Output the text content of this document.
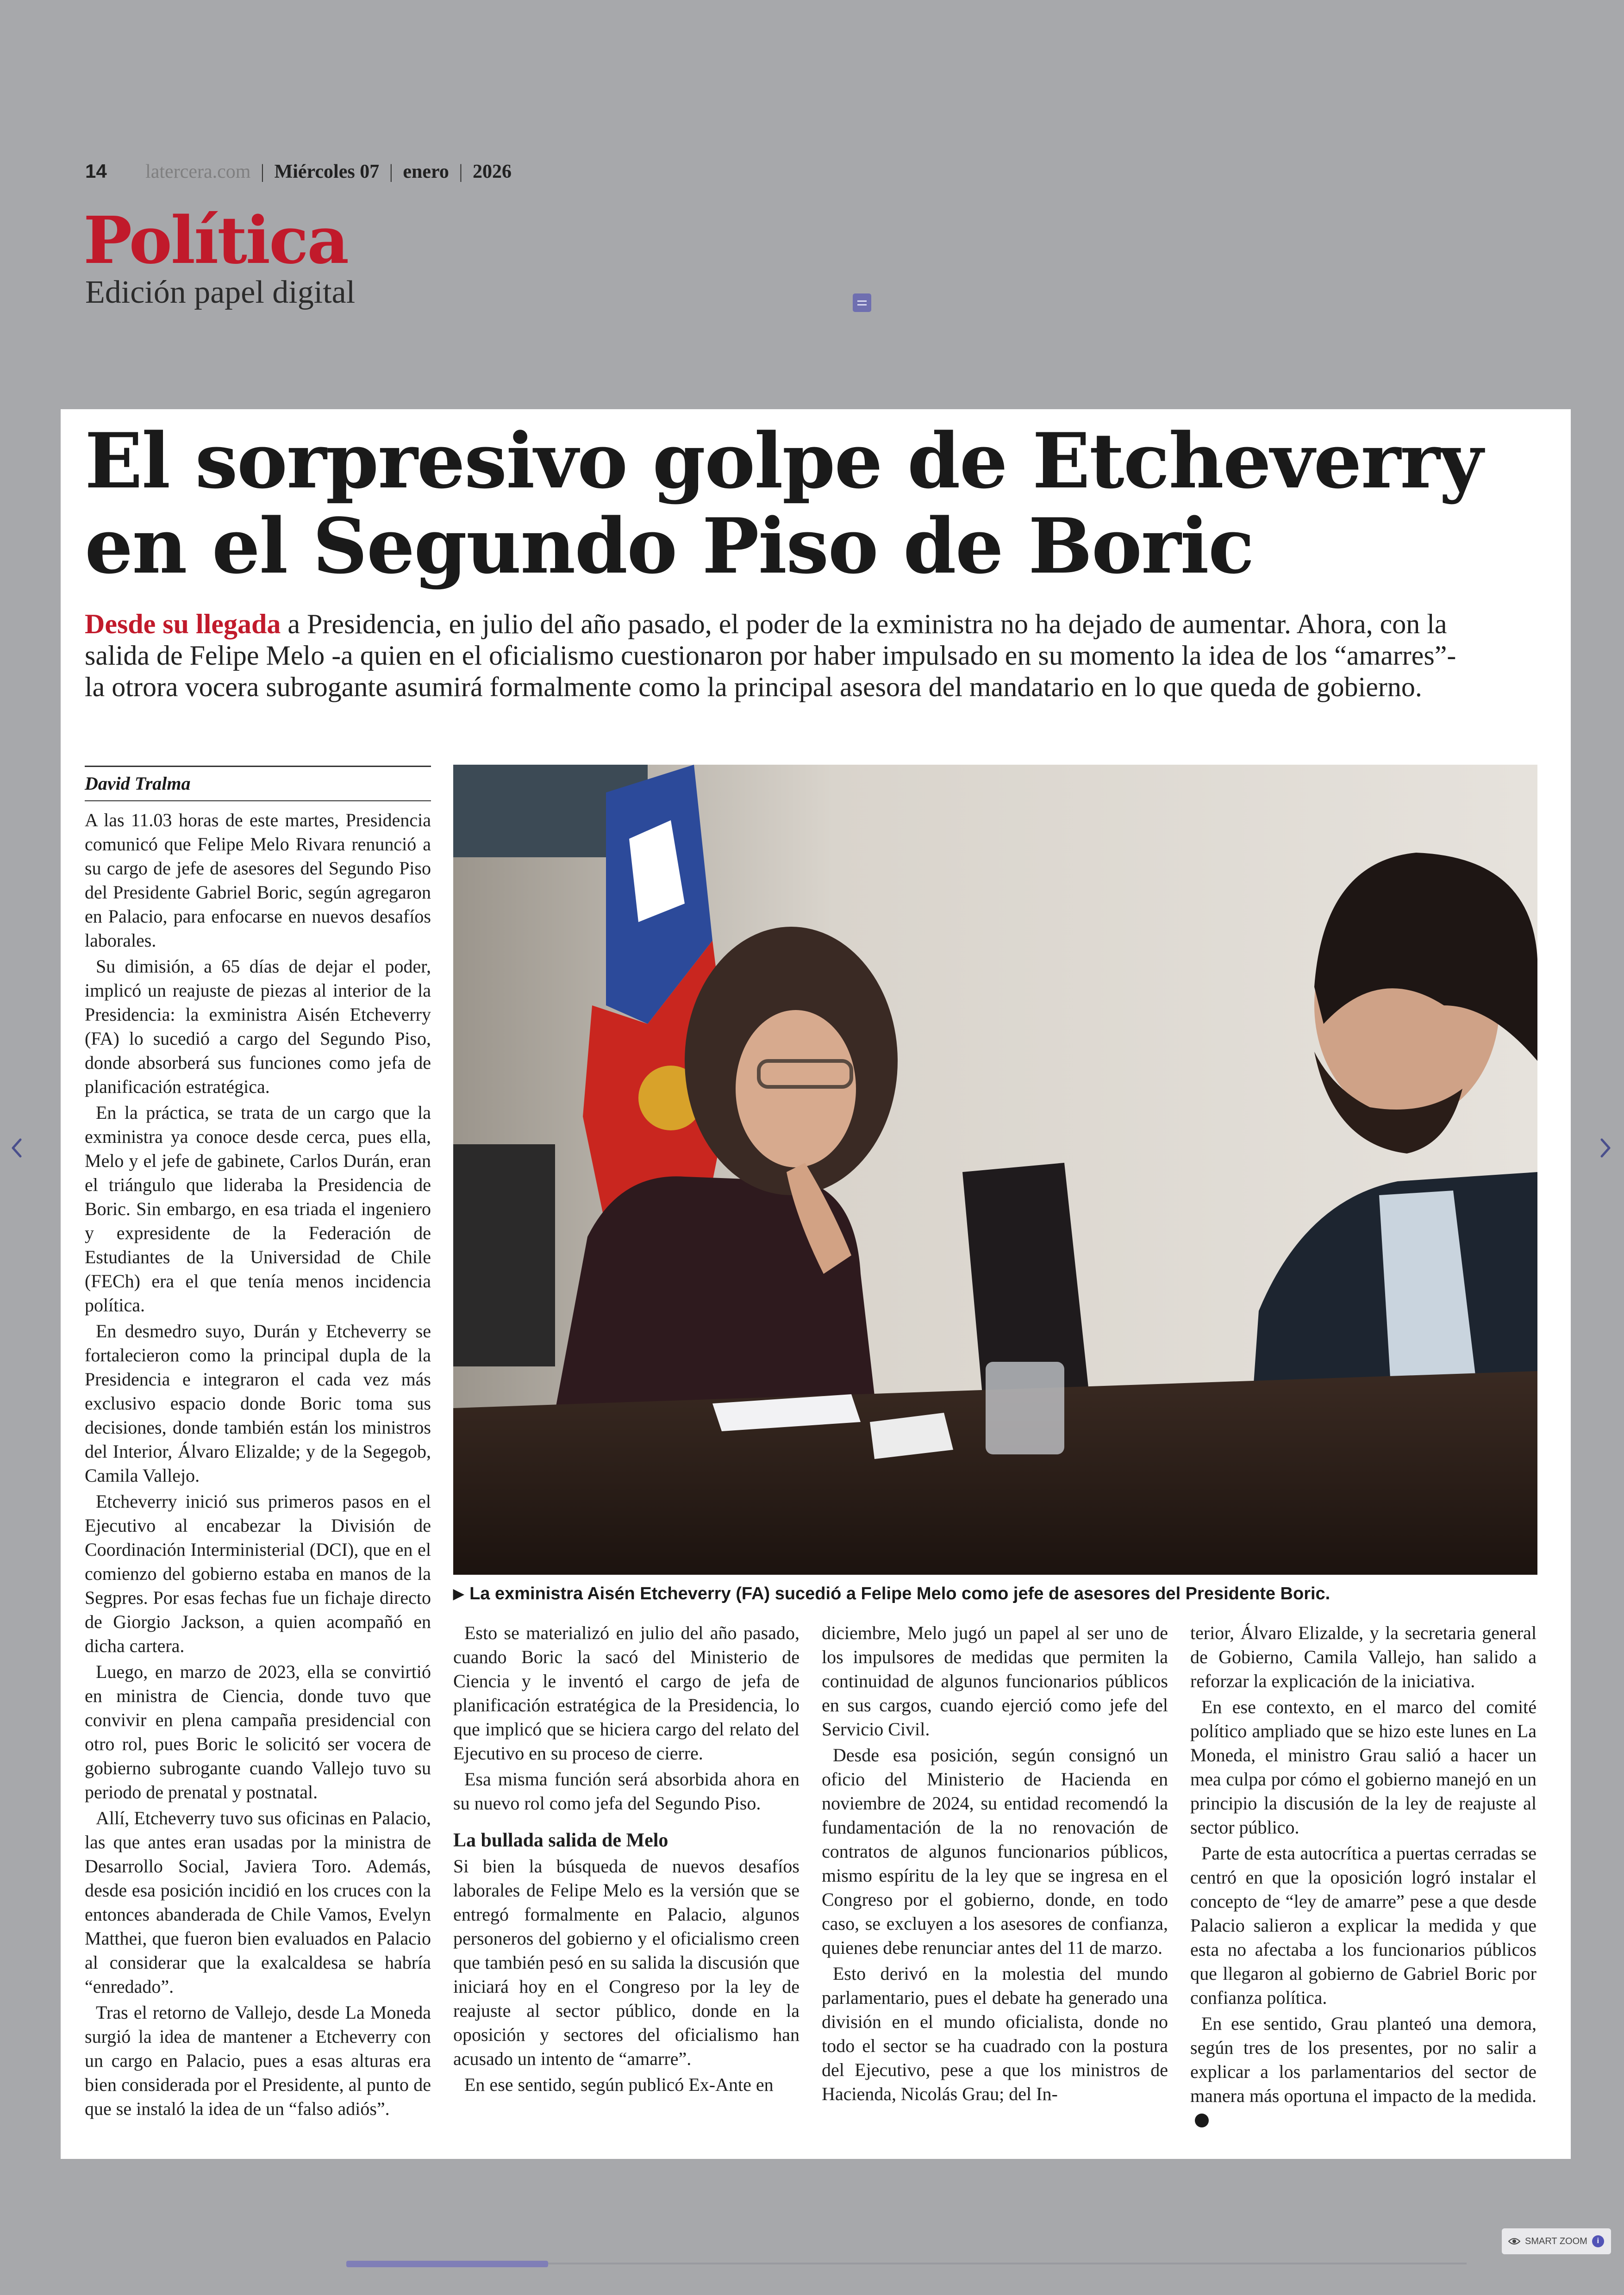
14 latercera.com | Miércoles 07 | enero | 2026
Política
Edición papel digital
El sorpresivo golpe de Etcheverry
en el Segundo Piso de Boric
Desde su llegada a Presidencia, en julio del año pasado, el poder de la exministra no ha dejado de aumentar. Ahora, con la
salida de Felipe Melo -a quien en el oficialismo cuestionaron por haber impulsado en su momento la idea de los “amarres”-
la otrora vocera subrogante asumirá formalmente como la principal asesora del mandatario en lo que queda de gobierno.
David Tralma

A las 11.03 horas de este martes, Presidencia comunicó que Felipe Melo Rivara renunció a su cargo de jefe de asesores del Segundo Piso del Presidente Gabriel Boric, según agregaron en Palacio, para enfocarse en nuevos desafíos laborales.

Su dimisión, a 65 días de dejar el poder, implicó un reajuste de piezas al interior de la Presidencia: la exministra Aisén Etcheverry (FA) lo sucedió a cargo del Segundo Piso, donde absorberá sus funciones como jefa de planificación estratégica.

En la práctica, se trata de un cargo que la exministra ya conoce desde cerca, pues ella, Melo y el jefe de gabinete, Carlos Durán, eran el triángulo que lideraba la Presidencia de Boric. Sin embargo, en esa triada el ingeniero y expresidente de la Federación de Estudiantes de la Universidad de Chile (FECh) era el que tenía menos incidencia política.

En desmedro suyo, Durán y Etcheverry se fortalecieron como la principal dupla de la Presidencia e integraron el cada vez más exclusivo espacio donde Boric toma sus decisiones, donde también están los ministros del Interior, Álvaro Elizalde; y de la Segegob, Camila Vallejo.

Etcheverry inició sus primeros pasos en el Ejecutivo al encabezar la División de Coordinación Interministerial (DCI), que en el comienzo del gobierno estaba en manos de la Segpres. Por esas fechas fue un fichaje directo de Giorgio Jackson, a quien acompañó en dicha cartera.

Luego, en marzo de 2023, ella se convirtió en ministra de Ciencia, donde tuvo que convivir en plena campaña presidencial con otro rol, pues Boric le solicitó ser vocera de gobierno subrogante cuando Vallejo tuvo su periodo de prenatal y postnatal.

Allí, Etcheverry tuvo sus oficinas en Palacio, las que antes eran usadas por la ministra de Desarrollo Social, Javiera Toro. Además, desde esa posición incidió en los cruces con la entonces abanderada de Chile Vamos, Evelyn Matthei, que fueron bien evaluados en Palacio al considerar que la exalcaldesa se habría “enredado”.

Tras el retorno de Vallejo, desde La Moneda surgió la idea de mantener a Etcheverry con un cargo en Palacio, pues a esas alturas era bien considerada por el Presidente, al punto de que se instaló la idea de un “falso adiós”.

▶ La exministra Aisén Etcheverry (FA) sucedió a Felipe Melo como jefe de asesores del Presidente Boric.

Esto se materializó en julio del año pasado, cuando Boric la sacó del Ministerio de Ciencia y le inventó el cargo de jefa de planificación estratégica de la Presidencia, lo que implicó que se hiciera cargo del relato del Ejecutivo en su proceso de cierre.

Esa misma función será absorbida ahora en su nuevo rol como jefa del Segundo Piso.

La bullada salida de Melo

Si bien la búsqueda de nuevos desafíos laborales de Felipe Melo es la versión que se entregó formalmente en Palacio, algunos personeros del gobierno y el oficialismo creen que también pesó en su salida la discusión que iniciará hoy en el Congreso por la ley de reajuste al sector público, donde en la oposición y sectores del oficialismo han acusado un intento de “amarre”.

En ese sentido, según publicó Ex-Ante en

diciembre, Melo jugó un papel al ser uno de los impulsores de medidas que permiten la continuidad de algunos funcionarios públicos en sus cargos, cuando ejerció como jefe del Servicio Civil.

Desde esa posición, según consignó un oficio del Ministerio de Hacienda en noviembre de 2024, su entidad recomendó la fundamentación de la no renovación de contratos de algunos funcionarios públicos, mismo espíritu de la ley que se ingresa en el Congreso por el gobierno, donde, en todo caso, se excluyen a los asesores de confianza, quienes debe renunciar antes del 11 de marzo.

Esto derivó en la molestia del mundo parlamentario, pues el debate ha generado una división en el mundo oficialista, donde no todo el sector se ha cuadrado con la postura del Ejecutivo, pese a que los ministros de Hacienda, Nicolás Grau; del In-

terior, Álvaro Elizalde, y la secretaria general de Gobierno, Camila Vallejo, han salido a reforzar la explicación de la iniciativa.

En ese contexto, en el marco del comité político ampliado que se hizo este lunes en La Moneda, el ministro Grau salió a hacer un mea culpa por cómo el gobierno manejó en un principio la discusión de la ley de reajuste al sector público.

Parte de esta autocrítica a puertas cerradas se centró en que la oposición logró instalar el concepto de “ley de amarre” pese a que desde Palacio salieron a explicar la medida y que esta no afectaba a los funcionarios públicos que llegaron al gobierno de Gabriel Boric por confianza política.

En ese sentido, Grau planteó una demora, según tres de los presentes, por no salir a explicar a los parlamentarios del sector de manera más oportuna el impacto de la medida.

SMART ZOOM	i
